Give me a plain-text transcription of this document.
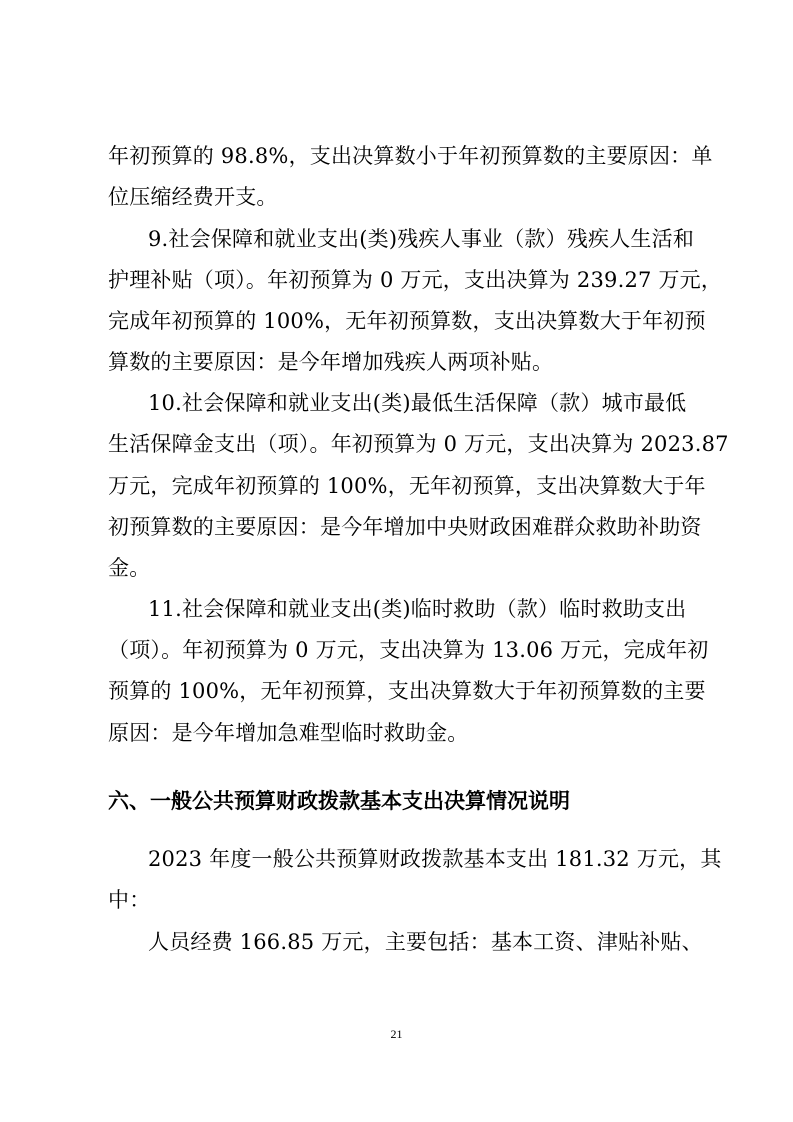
年初预算的 98.8%，支出决算数小于年初预算数的主要原因：单
位压缩经费开支。
9.社会保障和就业支出(类)残疾人事业（款）残疾人生活和
护理补贴（项）。年初预算为 0 万元，支出决算为 239.27 万元，
完成年初预算的 100%，无年初预算数，支出决算数大于年初预
算数的主要原因：是今年增加残疾人两项补贴。
10.社会保障和就业支出(类)最低生活保障（款）城市最低
生活保障金支出（项）。年初预算为 0 万元，支出决算为 2023.87
万元，完成年初预算的 100%，无年初预算，支出决算数大于年
初预算数的主要原因：是今年增加中央财政困难群众救助补助资
金。
11.社会保障和就业支出(类)临时救助（款）临时救助支出
（项）。年初预算为 0 万元，支出决算为 13.06 万元，完成年初
预算的 100%，无年初预算，支出决算数大于年初预算数的主要
原因：是今年增加急难型临时救助金。
六、一般公共预算财政拨款基本支出决算情况说明
2023 年度一般公共预算财政拨款基本支出 181.32 万元，其
中：
人员经费 166.85 万元，主要包括：基本工资、津贴补贴、
21
